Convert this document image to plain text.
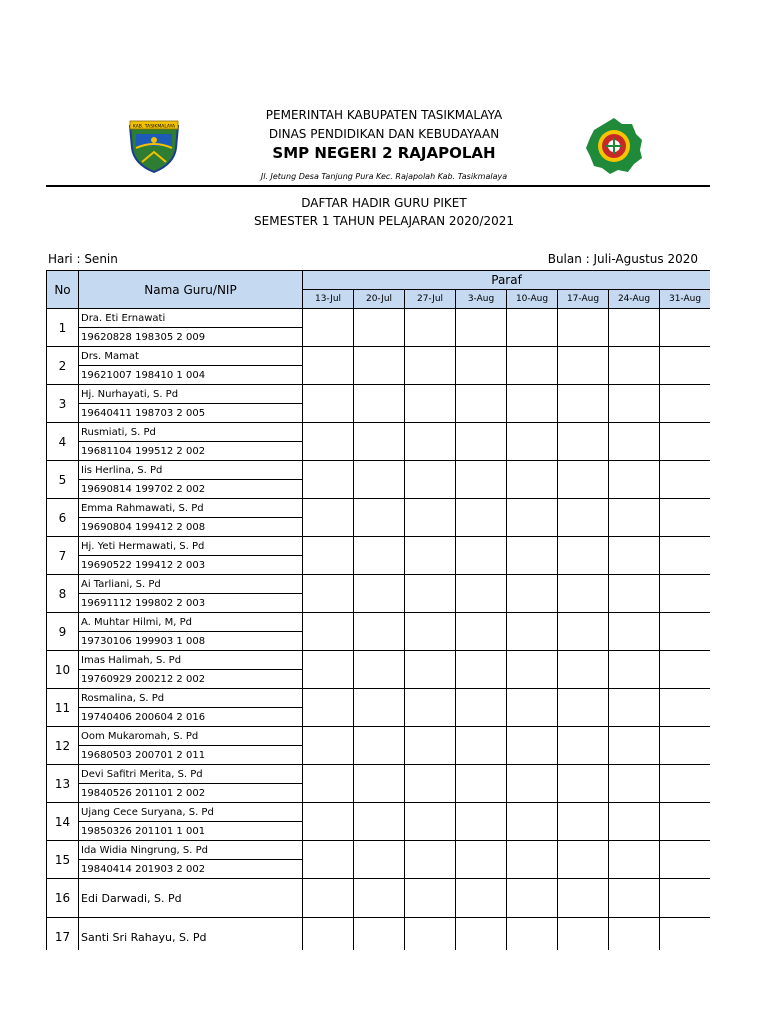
PEMERINTAH KABUPATEN TASIKMALAYA
DINAS PENDIDIKAN DAN KEBUDAYAAN
SMP NEGERI 2 RAJAPOLAH
Jl. Jetung Desa Tanjung Pura Kec. Rajapolah Kab. Tasikmalaya
KAB. TASIKMALAYA
DAFTAR HADIR GURU PIKET
SEMESTER 1 TAHUN PELAJARAN 2020/2021
Hari : Senin	Bulan : Juli-Agustus 2020
No	Nama Guru/NIP	Paraf							
		13-Jul	20-Jul	27-Jul	3-Aug	10-Aug	17-Aug	24-Aug	31-Aug
1	Dra. Eti Ernawati								
	19620828 198305 2 009								
2	Drs. Mamat								
	19621007 198410 1 004								
3	Hj. Nurhayati, S. Pd								
	19640411 198703 2 005								
4	Rusmiati, S. Pd								
	19681104 199512 2 002								
5	Iis Herlina, S. Pd								
	19690814 199702 2 002								
6	Emma Rahmawati, S. Pd								
	19690804 199412 2 008								
7	Hj. Yeti Hermawati, S. Pd								
	19690522 199412 2 003								
8	Ai Tarliani, S. Pd								
	19691112 199802 2 003								
9	A. Muhtar Hilmi, M, Pd								
	19730106 199903 1 008								
10	Imas Halimah, S. Pd								
	19760929 200212 2 002								
11	Rosmalina, S. Pd								
	19740406 200604 2 016								
12	Oom Mukaromah, S. Pd								
	19680503 200701 2 011								
13	Devi Safitri Merita, S. Pd								
	19840526 201101 2 002								
14	Ujang Cece Suryana, S. Pd								
	19850326 201101 1 001								
15	Ida Widia Ningrung, S. Pd								
	19840414 201903 2 002								
16	Edi Darwadi, S. Pd								
17	Santi Sri Rahayu, S. Pd								
